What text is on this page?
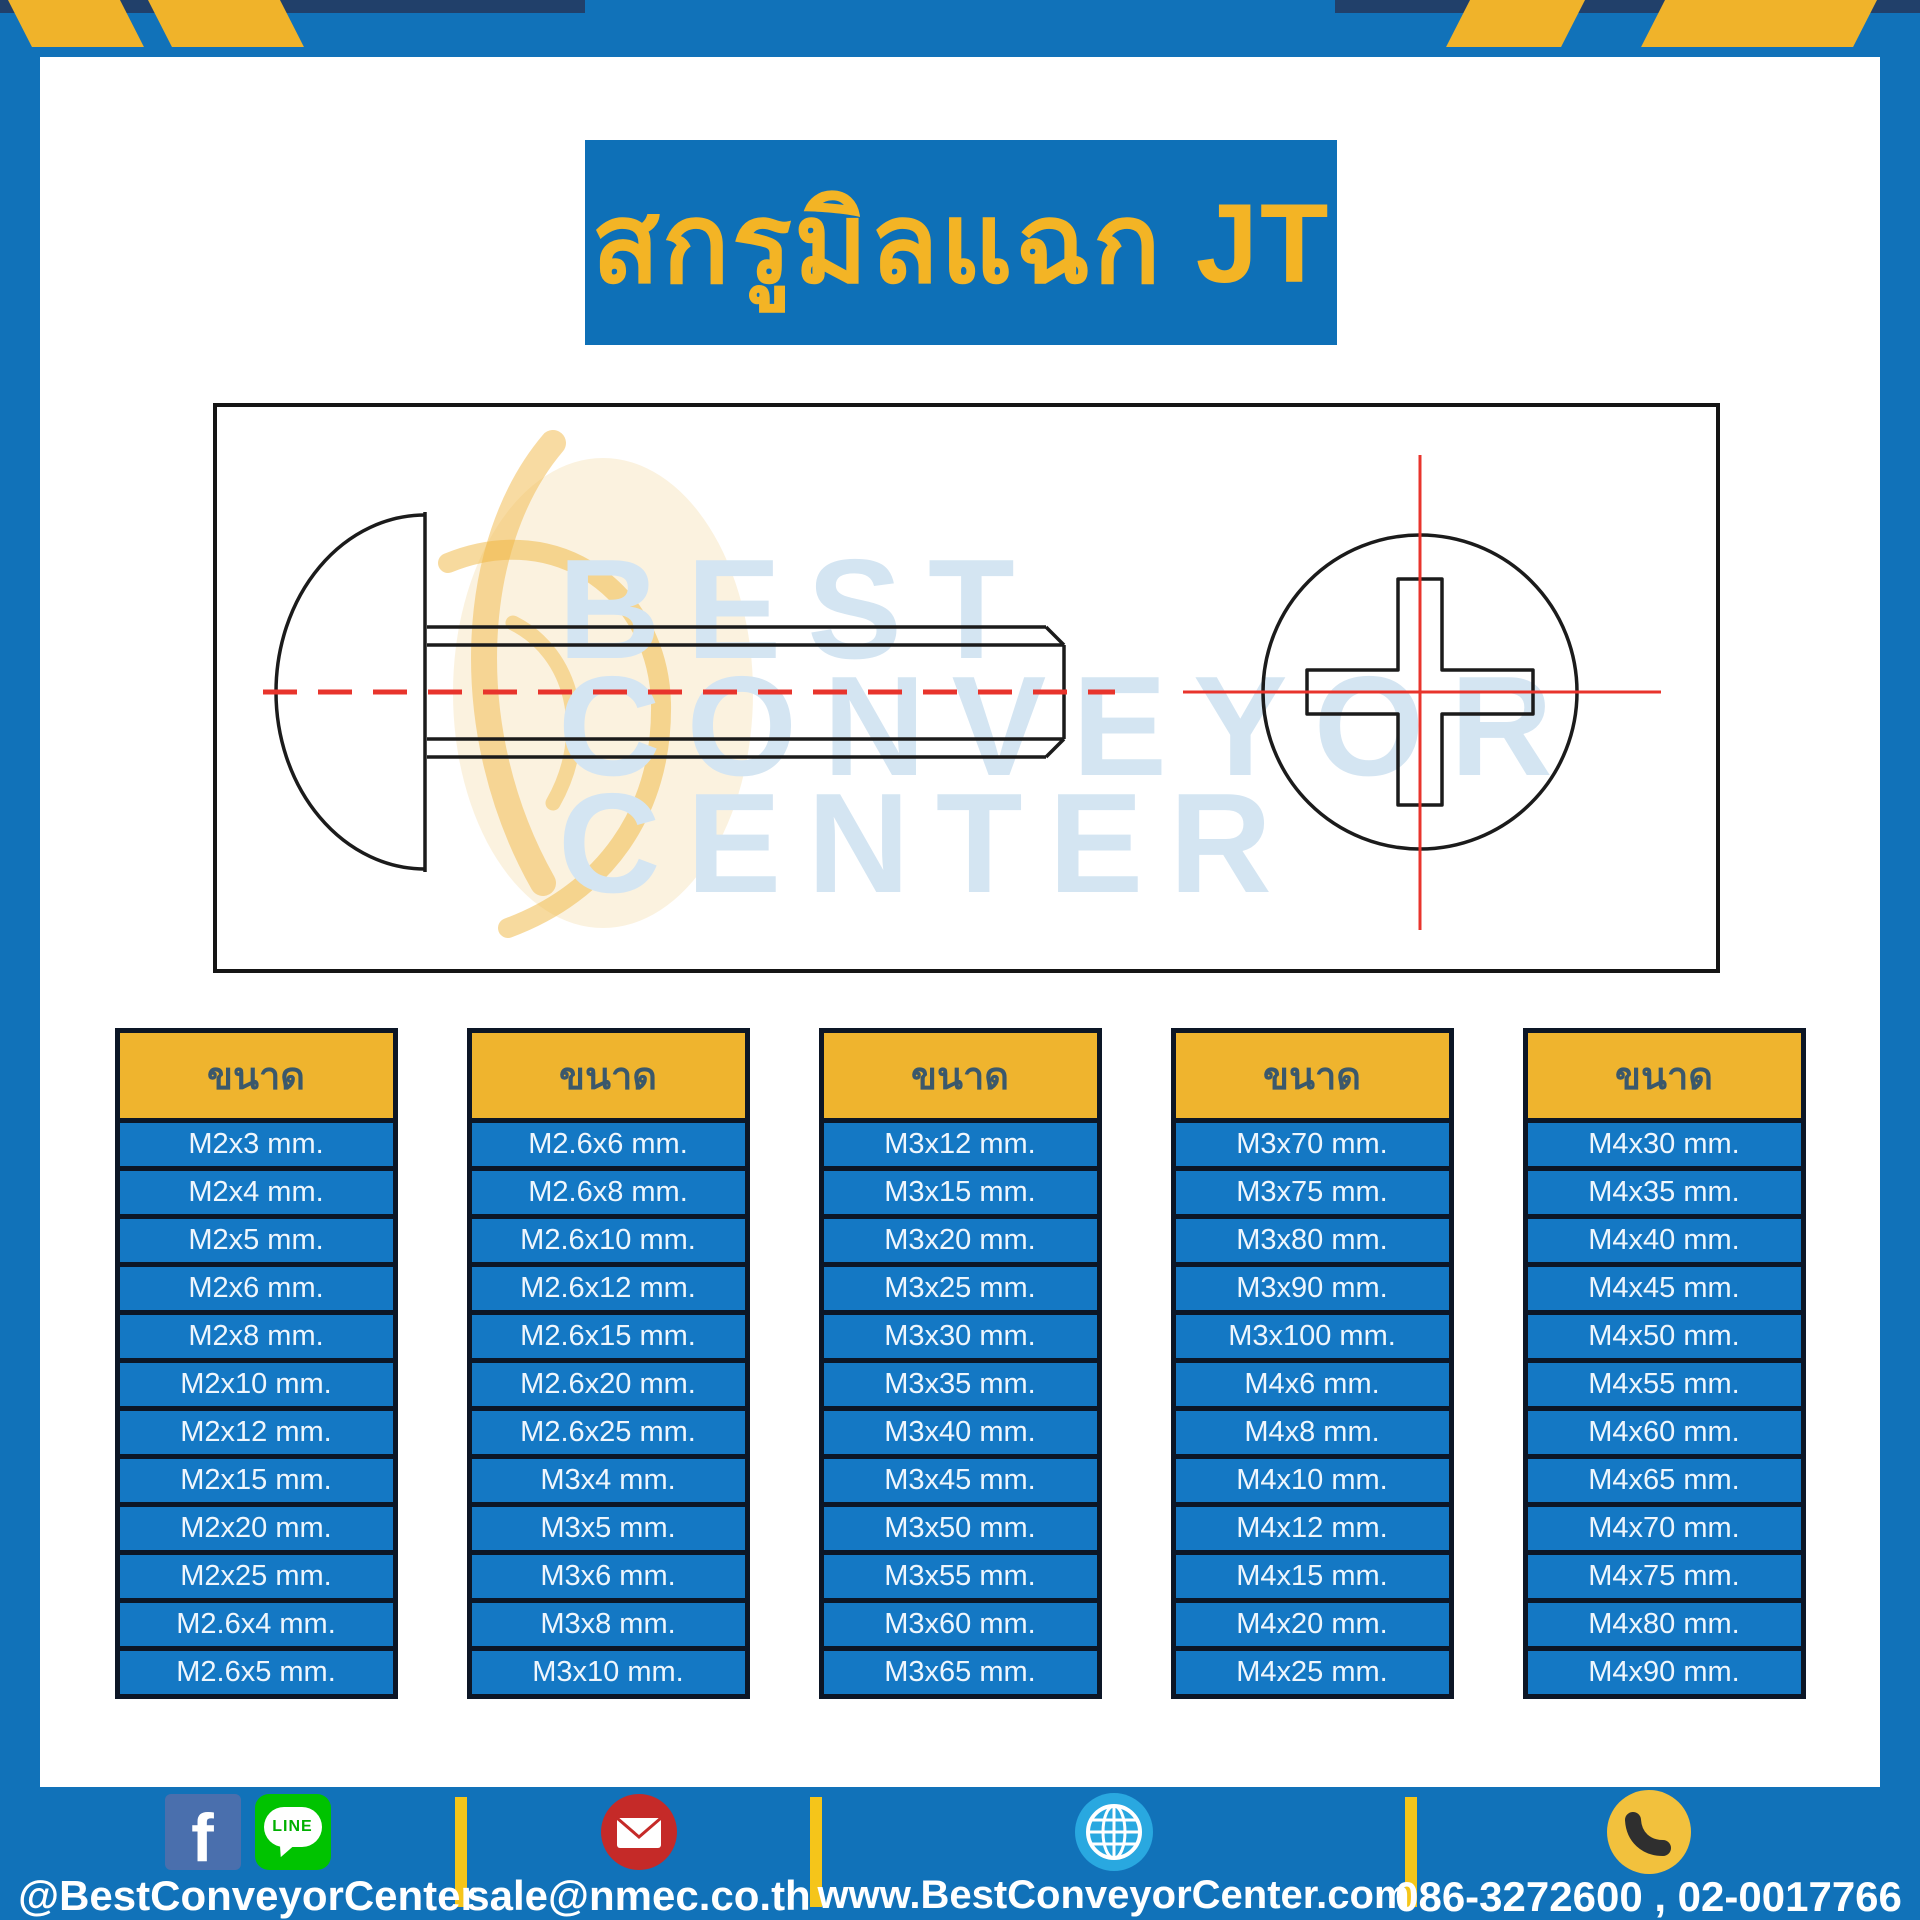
สกรูมิลแฉก JT
BEST
CONVEYOR
CENTER
ขนาด
M2x3 mm.
M2x4 mm.
M2x5 mm.
M2x6 mm.
M2x8 mm.
M2x10 mm.
M2x12 mm.
M2x15 mm.
M2x20 mm.
M2x25 mm.
M2.6x4 mm.
M2.6x5 mm.
ขนาด
M2.6x6 mm.
M2.6x8 mm.
M2.6x10 mm.
M2.6x12 mm.
M2.6x15 mm.
M2.6x20 mm.
M2.6x25 mm.
M3x4 mm.
M3x5 mm.
M3x6 mm.
M3x8 mm.
M3x10 mm.
ขนาด
M3x12 mm.
M3x15 mm.
M3x20 mm.
M3x25 mm.
M3x30 mm.
M3x35 mm.
M3x40 mm.
M3x45 mm.
M3x50 mm.
M3x55 mm.
M3x60 mm.
M3x65 mm.
ขนาด
M3x70 mm.
M3x75 mm.
M3x80 mm.
M3x90 mm.
M3x100 mm.
M4x6 mm.
M4x8 mm.
M4x10 mm.
M4x12 mm.
M4x15 mm.
M4x20 mm.
M4x25 mm.
ขนาด
M4x30 mm.
M4x35 mm.
M4x40 mm.
M4x45 mm.
M4x50 mm.
M4x55 mm.
M4x60 mm.
M4x65 mm.
M4x70 mm.
M4x75 mm.
M4x80 mm.
M4x90 mm.
f	LINE
@BestConveyorCenter
sale@nmec.co.th www.BestConveyorCenter.com
086-3272600 , 02-0017766
